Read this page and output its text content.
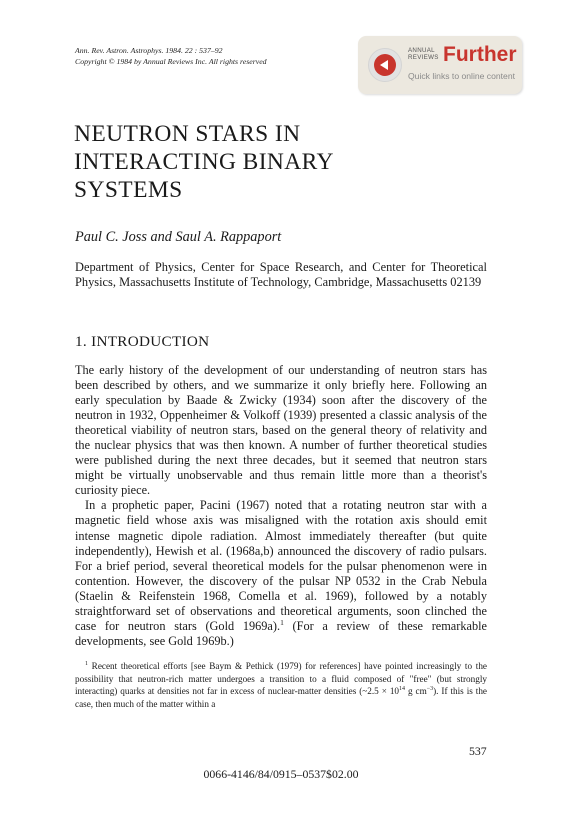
Ann. Rev. Astron. Astrophys. 1984. 22 : 537–92
Copyright © 1984 by Annual Reviews Inc. All rights reserved
ANNUAL
REVIEWS Further
Quick links to online content
NEUTRON STARS IN
INTERACTING BINARY
SYSTEMS
Paul C. Joss and Saul A. Rappaport
Department of Physics, Center for Space Research, and Center for Theoretical Physics, Massachusetts Institute of Technology, Cambridge, Massachusetts 02139
1. INTRODUCTION

The early history of the development of our understanding of neutron stars has been described by others, and we summarize it only briefly here. Following an early speculation by Baade & Zwicky (1934) soon after the discovery of the neutron in 1932, Oppenheimer & Volkoff (1939) presented a classic analysis of the theoretical viability of neutron stars, based on the general theory of relativity and the nuclear physics that was then known. A number of further theoretical studies were published during the next three decades, but it seemed that neutron stars might be virtually unobservable and thus remain little more than a theorist's curiosity piece.

In a prophetic paper, Pacini (1967) noted that a rotating neutron star with a magnetic field whose axis was misaligned with the rotation axis should emit intense magnetic dipole radiation. Almost immediately thereafter (but quite independently), Hewish et al. (1968a,b) announced the discovery of radio pulsars. For a brief period, several theoretical models for the pulsar phenomenon were in contention. However, the discovery of the pulsar NP 0532 in the Crab Nebula (Staelin & Reifenstein 1968, Comella et al. 1969), followed by a notably straightforward set of observations and theoretical arguments, soon clinched the case for neutron stars (Gold 1969a).$^1$ (For a review of these remarkable developments, see Gold 1969b.)

$^1$ Recent theoretical efforts [see Baym & Pethick (1979) for references] have pointed increasingly to the possibility that neutron-rich matter undergoes a transition to a fluid composed of "free" (but strongly interacting) quarks at densities not far in excess of nuclear-matter densities (~2.5 × $10^{14}$ g $cm^{-3}$). If this is the case, then much of the matter within a
537
0066-4146/84/0915–0537$02.00
